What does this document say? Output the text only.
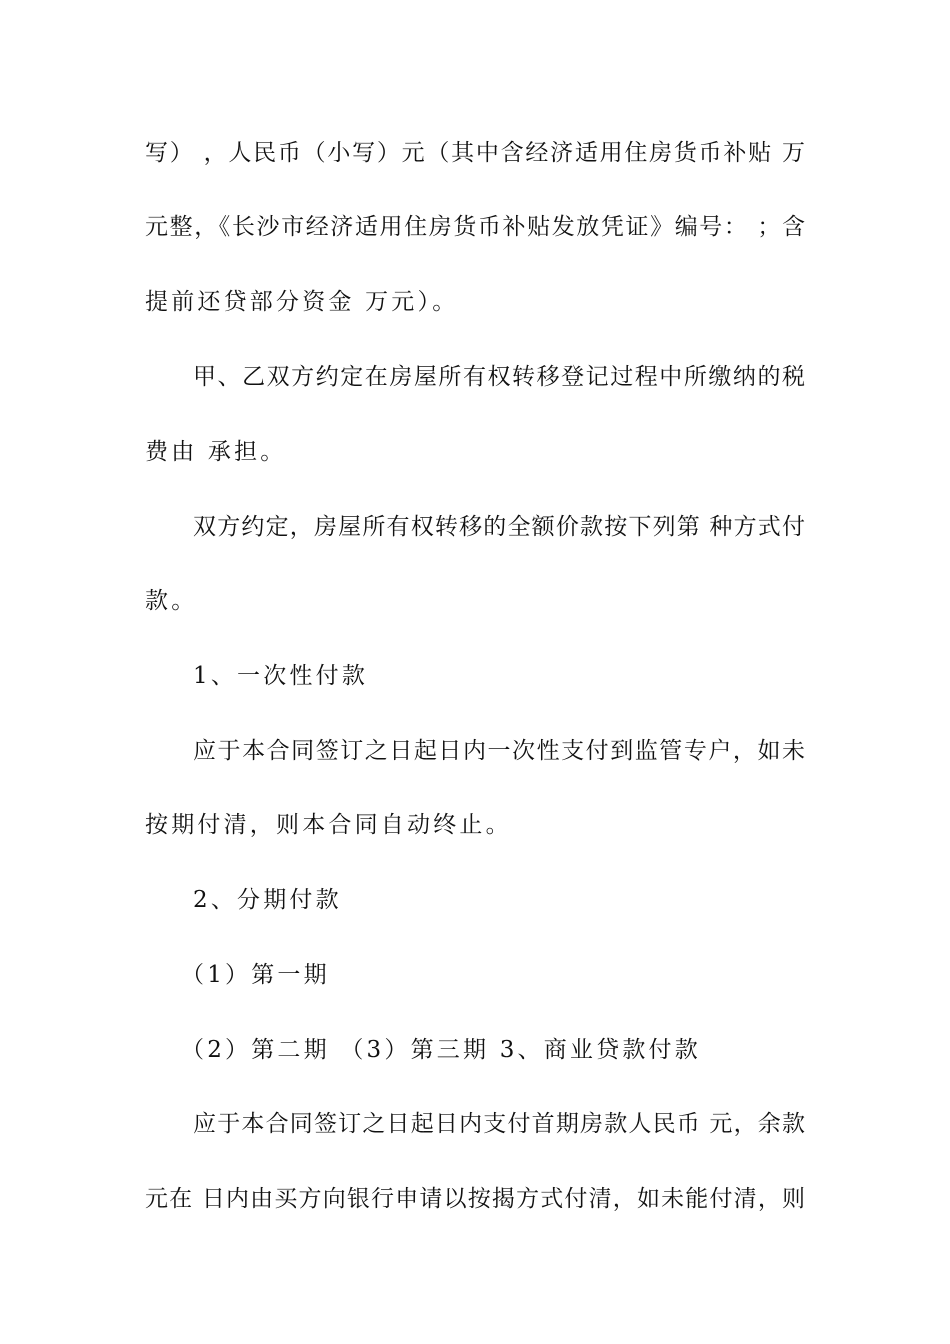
写） ，人民币（小写）元（其中含经济适用住房货币补贴 万
元整，《长沙市经济适用住房货币补贴发放凭证》编号： ；含
提前还贷部分资金 万元）。
甲、乙双方约定在房屋所有权转移登记过程中所缴纳的税
费由 承担。
双方约定，房屋所有权转移的全额价款按下列第 种方式付
款。
1、一次性付款
应于本合同签订之日起日内一次性支付到监管专户，如未
按期付清，则本合同自动终止。
2、分期付款
（1）第一期
（2）第二期 （3）第三期 3、商业贷款付款
应于本合同签订之日起日内支付首期房款人民币 元，余款
元在 日内由买方向银行申请以按揭方式付清，如未能付清，则
